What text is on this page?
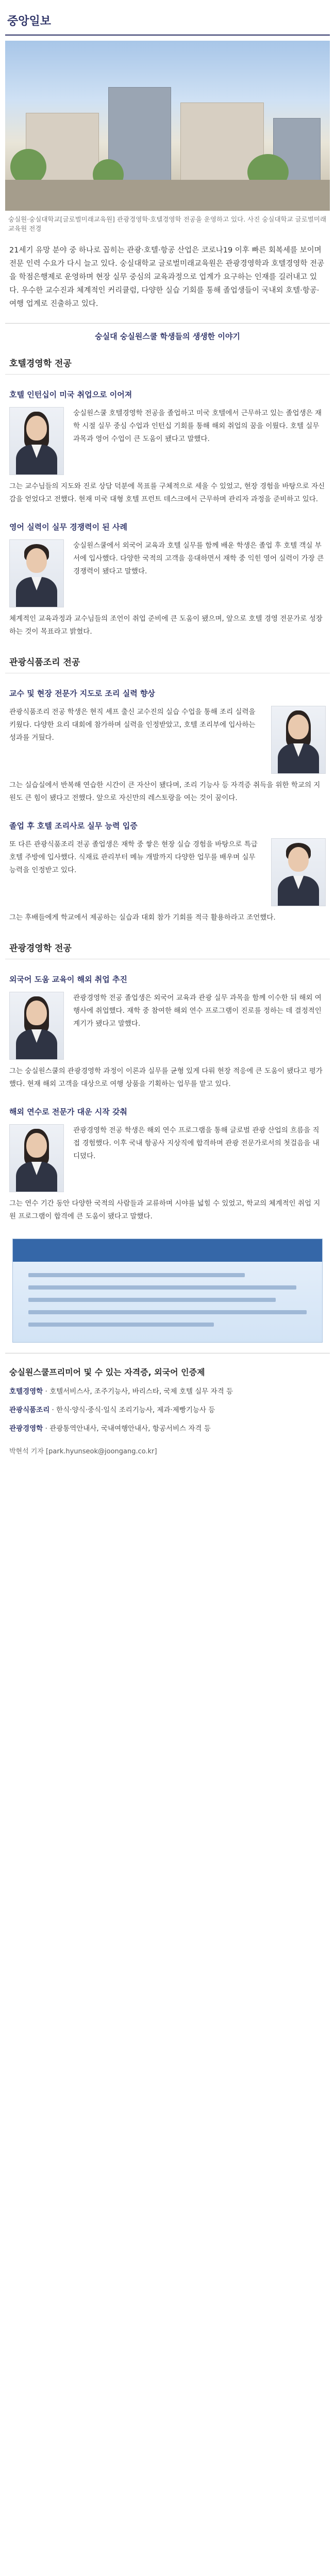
중앙일보
숭실원·숭실대학교[글로벌미래교육원] 관광경영학·호텔경영학 전공을 운영하고 있다. 사진 숭실대학교 글로벌미래교육원 전경
21세기 유망 분야 중 하나로 꼽히는 관광·호텔·항공 산업은 코로나19 이후 빠른 회복세를 보이며 전문 인력 수요가 다시 늘고 있다. 숭실대학교 글로벌미래교육원은 관광경영학과 호텔경영학 전공을 학점은행제로 운영하며 현장 실무 중심의 교육과정으로 업계가 요구하는 인재를 길러내고 있다. 우수한 교수진과 체계적인 커리큘럼, 다양한 실습 기회를 통해 졸업생들이 국내외 호텔·항공·여행 업계로 진출하고 있다.
숭실대 숭실원스쿨 학생들의 생생한 이야기
호텔경영학 전공
호텔 인턴십이 미국 취업으로 이어져
숭실원스쿨 호텔경영학 전공을 졸업하고 미국 호텔에서 근무하고 있는 졸업생은 재학 시절 실무 중심 수업과 인턴십 기회를 통해 해외 취업의 꿈을 이뤘다. 호텔 실무 과목과 영어 수업이 큰 도움이 됐다고 말했다.
그는 교수님들의 지도와 진로 상담 덕분에 목표를 구체적으로 세울 수 있었고, 현장 경험을 바탕으로 자신감을 얻었다고 전했다. 현재 미국 대형 호텔 프런트 데스크에서 근무하며 관리자 과정을 준비하고 있다.
영어 실력이 실무 경쟁력이 된 사례
숭실원스쿨에서 외국어 교육과 호텔 실무를 함께 배운 학생은 졸업 후 호텔 객실 부서에 입사했다. 다양한 국적의 고객을 응대하면서 재학 중 익힌 영어 실력이 가장 큰 경쟁력이 됐다고 말했다.
체계적인 교육과정과 교수님들의 조언이 취업 준비에 큰 도움이 됐으며, 앞으로 호텔 경영 전문가로 성장하는 것이 목표라고 밝혔다.
관광식품조리 전공
교수 및 현장 전문가 지도로 조리 실력 향상
관광식품조리 전공 학생은 현직 셰프 출신 교수진의 실습 수업을 통해 조리 실력을 키웠다. 다양한 요리 대회에 참가하며 실력을 인정받았고, 호텔 조리부에 입사하는 성과를 거뒀다.
그는 실습실에서 반복해 연습한 시간이 큰 자산이 됐다며, 조리 기능사 등 자격증 취득을 위한 학교의 지원도 큰 힘이 됐다고 전했다. 앞으로 자신만의 레스토랑을 여는 것이 꿈이다.
졸업 후 호텔 조리사로 실무 능력 입증
또 다른 관광식품조리 전공 졸업생은 재학 중 쌓은 현장 실습 경험을 바탕으로 특급호텔 주방에 입사했다. 식재료 관리부터 메뉴 개발까지 다양한 업무를 배우며 실무 능력을 인정받고 있다.
그는 후배들에게 학교에서 제공하는 실습과 대회 참가 기회를 적극 활용하라고 조언했다.
관광경영학 전공
외국어 도움 교육이 해외 취업 추진
관광경영학 전공 졸업생은 외국어 교육과 관광 실무 과목을 함께 이수한 뒤 해외 여행사에 취업했다. 재학 중 참여한 해외 연수 프로그램이 진로를 정하는 데 결정적인 계기가 됐다고 말했다.
그는 숭실원스쿨의 관광경영학 과정이 이론과 실무를 균형 있게 다뤄 현장 적응에 큰 도움이 됐다고 평가했다. 현재 해외 고객을 대상으로 여행 상품을 기획하는 업무를 맡고 있다.
해외 연수로 전문가 대운 시작 갖춰
관광경영학 전공 학생은 해외 연수 프로그램을 통해 글로벌 관광 산업의 흐름을 직접 경험했다. 이후 국내 항공사 지상직에 합격하며 관광 전문가로서의 첫걸음을 내디뎠다.
그는 연수 기간 동안 다양한 국적의 사람들과 교류하며 시야를 넓힐 수 있었고, 학교의 체계적인 취업 지원 프로그램이 합격에 큰 도움이 됐다고 말했다.
숭실원스쿨프리미어 및 수 있는 자격증, 외국어 인증제
호텔경영학 · 호텔서비스사, 조주기능사, 바리스타, 국제 호텔 실무 자격 등
관광식품조리 · 한식·양식·중식·일식 조리기능사, 제과·제빵기능사 등
관광경영학 · 관광통역안내사, 국내여행안내사, 항공서비스 자격 등
박현석 기자 [park.hyunseok@joongang.co.kr]
